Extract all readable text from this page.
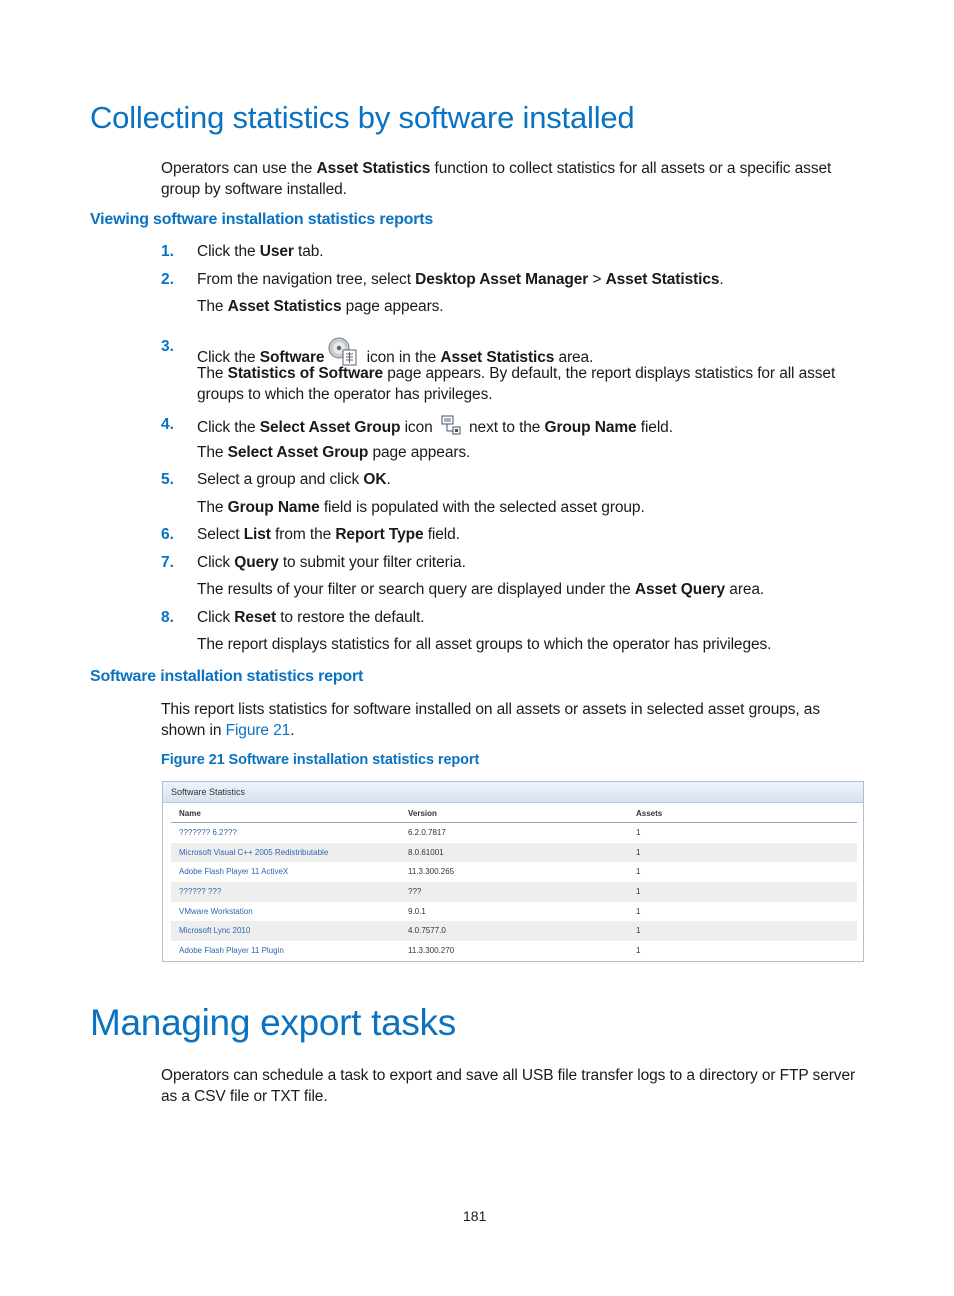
Collecting statistics by software installed

Operators can use the Asset Statistics function to collect statistics for all assets or a specific asset group by software installed.

Viewing software installation statistics reports
1.	Click the User tab.
2.	From the navigation tree, select Desktop Asset Manager > Asset Statistics.
The Asset Statistics page appears.
3.
Click the Software icon in the Asset Statistics area.
The Statistics of Software page appears. By default, the report displays statistics for all asset
groups to which the operator has privileges.
4.	Click the Select Asset Group icon  next to the Group Name field.
The Select Asset Group page appears.
5.	Select a group and click OK.
The Group Name field is populated with the selected asset group.
6.	Select List from the Report Type field.
7.	Click Query to submit your filter criteria.
The results of your filter or search query are displayed under the Asset Query area.
8.	Click Reset to restore the default.
The report displays statistics for all asset groups to which the operator has privileges.
Software installation statistics report

This report lists statistics for software installed on all assets or assets in selected asset groups, as shown in Figure 21.

Figure 21 Software installation statistics report
Software Statistics
Name	Version	Assets
??????? 6.2???	6.2.0.7817	1
Microsoft Visual C++ 2005 Redistributable	8.0.61001	1
Adobe Flash Player 11 ActiveX	11.3.300.265	1
?????? ???	???	1
VMware Workstation	9.0.1	1
Microsoft Lync 2010	4.0.7577.0	1
Adobe Flash Player 11 Plugin	11.3.300.270	1
Managing export tasks

Operators can schedule a task to export and save all USB file transfer logs to a directory or FTP server as a CSV file or TXT file.

181
